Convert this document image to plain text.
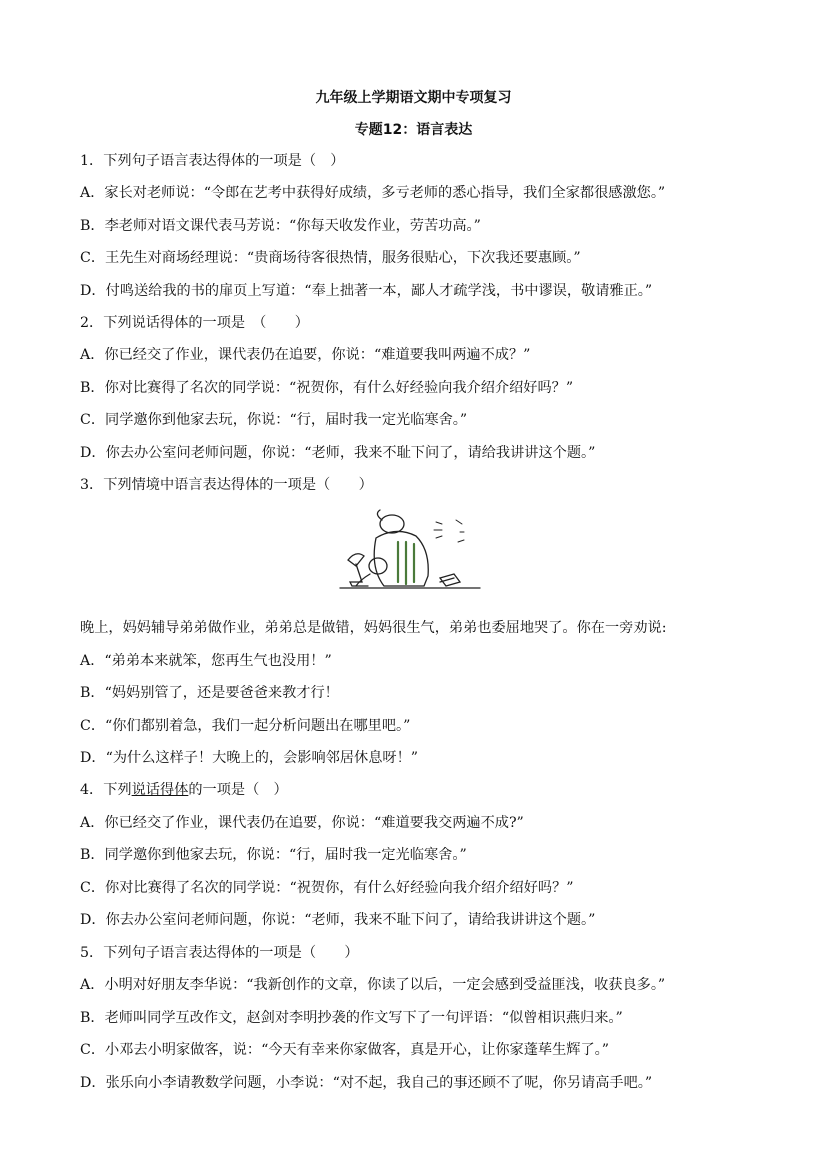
九年级上学期语文期中专项复习
专题12：语言表达
1．下列句子语言表达得体的一项是（　）
A．家长对老师说：“令郎在艺考中获得好成绩，多亏老师的悉心指导，我们全家都很感激您。”
B．李老师对语文课代表马芳说：“你每天收发作业，劳苦功高。”
C．王先生对商场经理说：“贵商场待客很热情，服务很贴心，下次我还要惠顾。”
D．付鸣送给我的书的扉页上写道：“奉上拙著一本，鄙人才疏学浅，书中谬误，敬请雅正。”
2．下列说话得体的一项是　（　　）
A．你已经交了作业，课代表仍在追要，你说：“难道要我叫两遍不成？”
B．你对比赛得了名次的同学说：“祝贺你，有什么好经验向我介绍介绍好吗？”
C．同学邀你到他家去玩，你说：“行，届时我一定光临寒舍。”
D．你去办公室问老师问题，你说：“老师，我来不耻下问了，请给我讲讲这个题。”
3．下列情境中语言表达得体的一项是（　　）
晚上，妈妈辅导弟弟做作业，弟弟总是做错，妈妈很生气，弟弟也委屈地哭了。你在一旁劝说:
A．“弟弟本来就笨，您再生气也没用！”
B．“妈妈别管了，还是要爸爸来教才行！
C．“你们都别着急，我们一起分析问题出在哪里吧。”
D．“为什么这样子！大晚上的，会影响邻居休息呀！”
4．下列说话得体的一项是（　）
A．你已经交了作业，课代表仍在追要，你说：“难道要我交两遍不成?”
B．同学邀你到他家去玩，你说：“行，届时我一定光临寒舍。”
C．你对比赛得了名次的同学说：“祝贺你，有什么好经验向我介绍介绍好吗？”
D．你去办公室问老师问题，你说：“老师，我来不耻下问了，请给我讲讲这个题。”
5．下列句子语言表达得体的一项是（　　）
A．小明对好朋友李华说：“我新创作的文章，你读了以后，一定会感到受益匪浅，收获良多。”
B．老师叫同学互改作文，赵剑对李明抄袭的作文写下了一句评语：“似曾相识燕归来。”
C．小邓去小明家做客，说：“今天有幸来你家做客，真是开心，让你家蓬荜生辉了。”
D．张乐向小李请教数学问题，小李说：“对不起，我自己的事还顾不了呢，你另请高手吧。”
